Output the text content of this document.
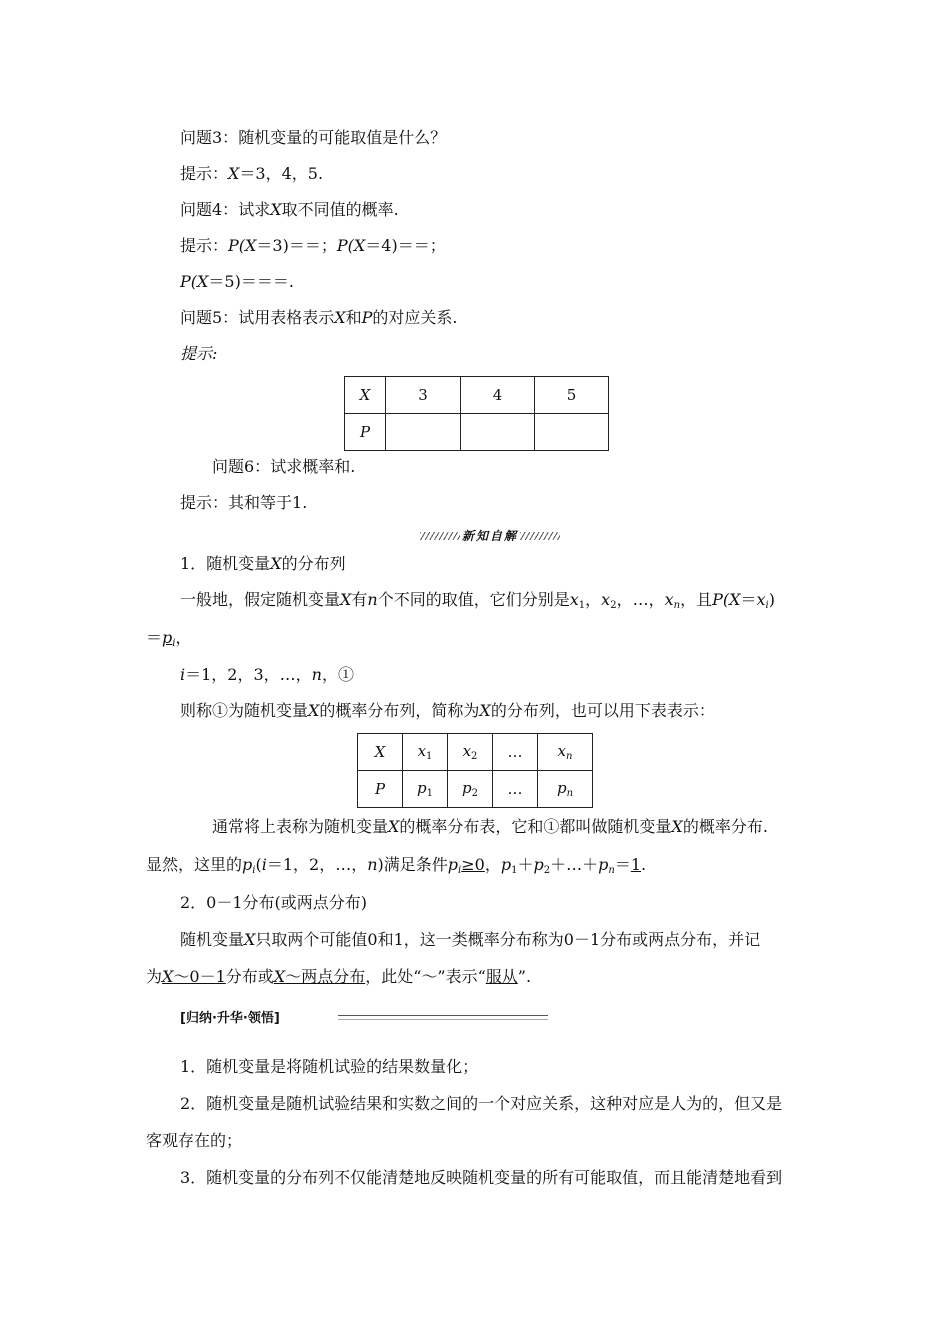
问题3：随机变量的可能取值是什么？
提示：X＝3，4，5.
问题4：试求X取不同值的概率.
提示：P(X＝3)＝＝；P(X＝4)＝＝；
P(X＝5)＝＝＝.
问题5：试用表格表示X和P的对应关系.
提示:
X	3	4	5
P			
问题6：试求概率和.
提示：其和等于1.
新知自解
1．随机变量X的分布列
一般地，假定随机变量X有n个不同的取值，它们分别是$x_1$，$x_2$，…，$x_n$，且$P(X=x_i)$
$=p_i$，
i＝1，2，3，…，n，①
则称①为随机变量X的概率分布列，简称为X的分布列，也可以用下表表示：
X	$x_1$	$x_2$	…	$x_n$
P	$p_1$	$p_2$	…	$p_n$
通常将上表称为随机变量X的概率分布表，它和①都叫做随机变量X的概率分布.
显然，这里的$p_i(i=1$，2，…，n)满足条件$p_i\ge 0$，$p_1+p_2+\dots+p_n=1$.
2．0－1分布(或两点分布)
随机变量X只取两个可能值0和1，这一类概率分布称为0－1分布或两点分布，并记
为X～0－1分布或X～两点分布，此处“～”表示“服从”.
[归纳·升华·领悟]
1．随机变量是将随机试验的结果数量化；
2．随机变量是随机试验结果和实数之间的一个对应关系，这种对应是人为的，但又是
客观存在的；
3．随机变量的分布列不仅能清楚地反映随机变量的所有可能取值，而且能清楚地看到
